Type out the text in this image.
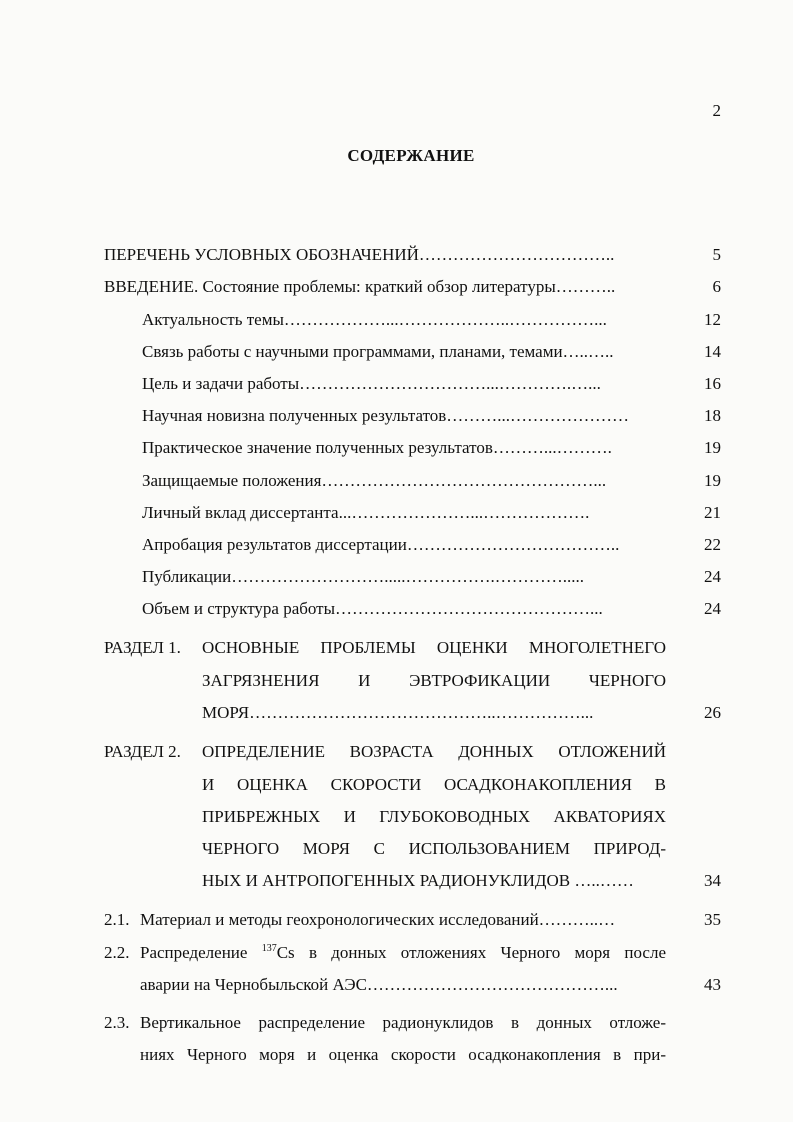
2
СОДЕРЖАНИЕ
ПЕРЕЧЕНЬ УСЛОВНЫХ ОБОЗНАЧЕНИЙ……………………………..	5
ВВЕДЕНИЕ. Состояние проблемы: краткий обзор литературы………..	6
Актуальность темы………………...………………..……………...	12
Связь работы с научными программами, планами, темами…..…..	14
Цель и задачи работы……………………………...………….…...	16
Научная новизна полученных результатов………...…………………	18
Практическое значение полученных результатов………...……….	19
Защищаемые положения…………………………………………...	19
Личный вклад диссертанта...…………………...……………….	21
Апробация результатов диссертации………………………………..	22
Публикации……………………….....…………….………….....	24
Объем и структура работы………………………………………...	24
РАЗДЕЛ 1. ОСНОВНЫЕ ПРОБЛЕМЫ ОЦЕНКИ МНОГОЛЕТНЕГО
ЗАГРЯЗНЕНИЯ И ЭВТРОФИКАЦИИ ЧЕРНОГО
МОРЯ……………………………………..……………...	26
РАЗДЕЛ 2. ОПРЕДЕЛЕНИЕ ВОЗРАСТА ДОННЫХ ОТЛОЖЕНИЙ
И ОЦЕНКА СКОРОСТИ ОСАДКОНАКОПЛЕНИЯ В
ПРИБРЕЖНЫХ И ГЛУБОКОВОДНЫХ АКВАТОРИЯХ
ЧЕРНОГО МОРЯ С ИСПОЛЬЗОВАНИЕМ ПРИРОД-
НЫХ И АНТРОПОГЕННЫХ РАДИОНУКЛИДОВ …..……	34
2.1. Материал и методы геохронологических исследований………..…	35
2.2. Распределение $^{137}$Cs в донных отложениях Черного моря после
аварии на Чернобыльской АЭС……………………………………...	43
2.3. Вертикальное распределение радионуклидов в донных отложе-
ниях Черного моря и оценка скорости осадконакопления в при-
